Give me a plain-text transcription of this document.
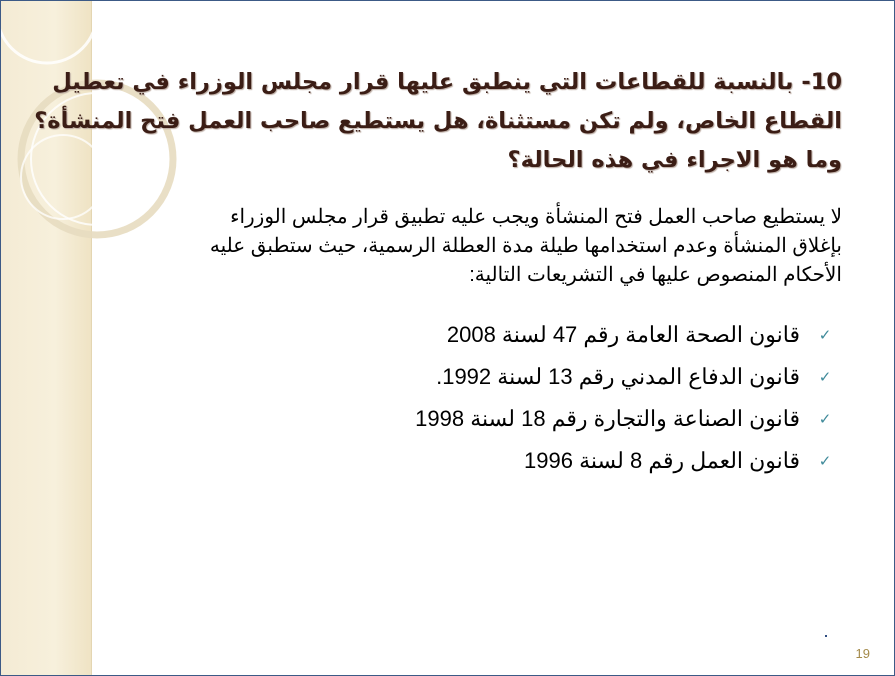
10- بالنسبة للقطاعات التي ينطبق عليها قرار مجلس الوزراء في تعطيل
القطاع الخاص، ولم تكن مستثناة، هل يستطيع صاحب العمل فتح المنشأة؟
وما هو الاجراء في هذه الحالة؟
لا يستطيع صاحب العمل فتح المنشأة ويجب عليه تطبيق قرار مجلس الوزراء
بإغلاق المنشأة وعدم استخدامها طيلة مدة العطلة الرسمية، حيث ستطبق عليه
الأحكام المنصوص عليها في التشريعات التالية:
✓
قانون الصحة العامة رقم 47 لسنة 2008
✓
قانون الدفاع المدني رقم 13 لسنة 1992.
✓
قانون الصناعة والتجارة رقم 18 لسنة 1998
✓
قانون العمل رقم 8 لسنة 1996
19
